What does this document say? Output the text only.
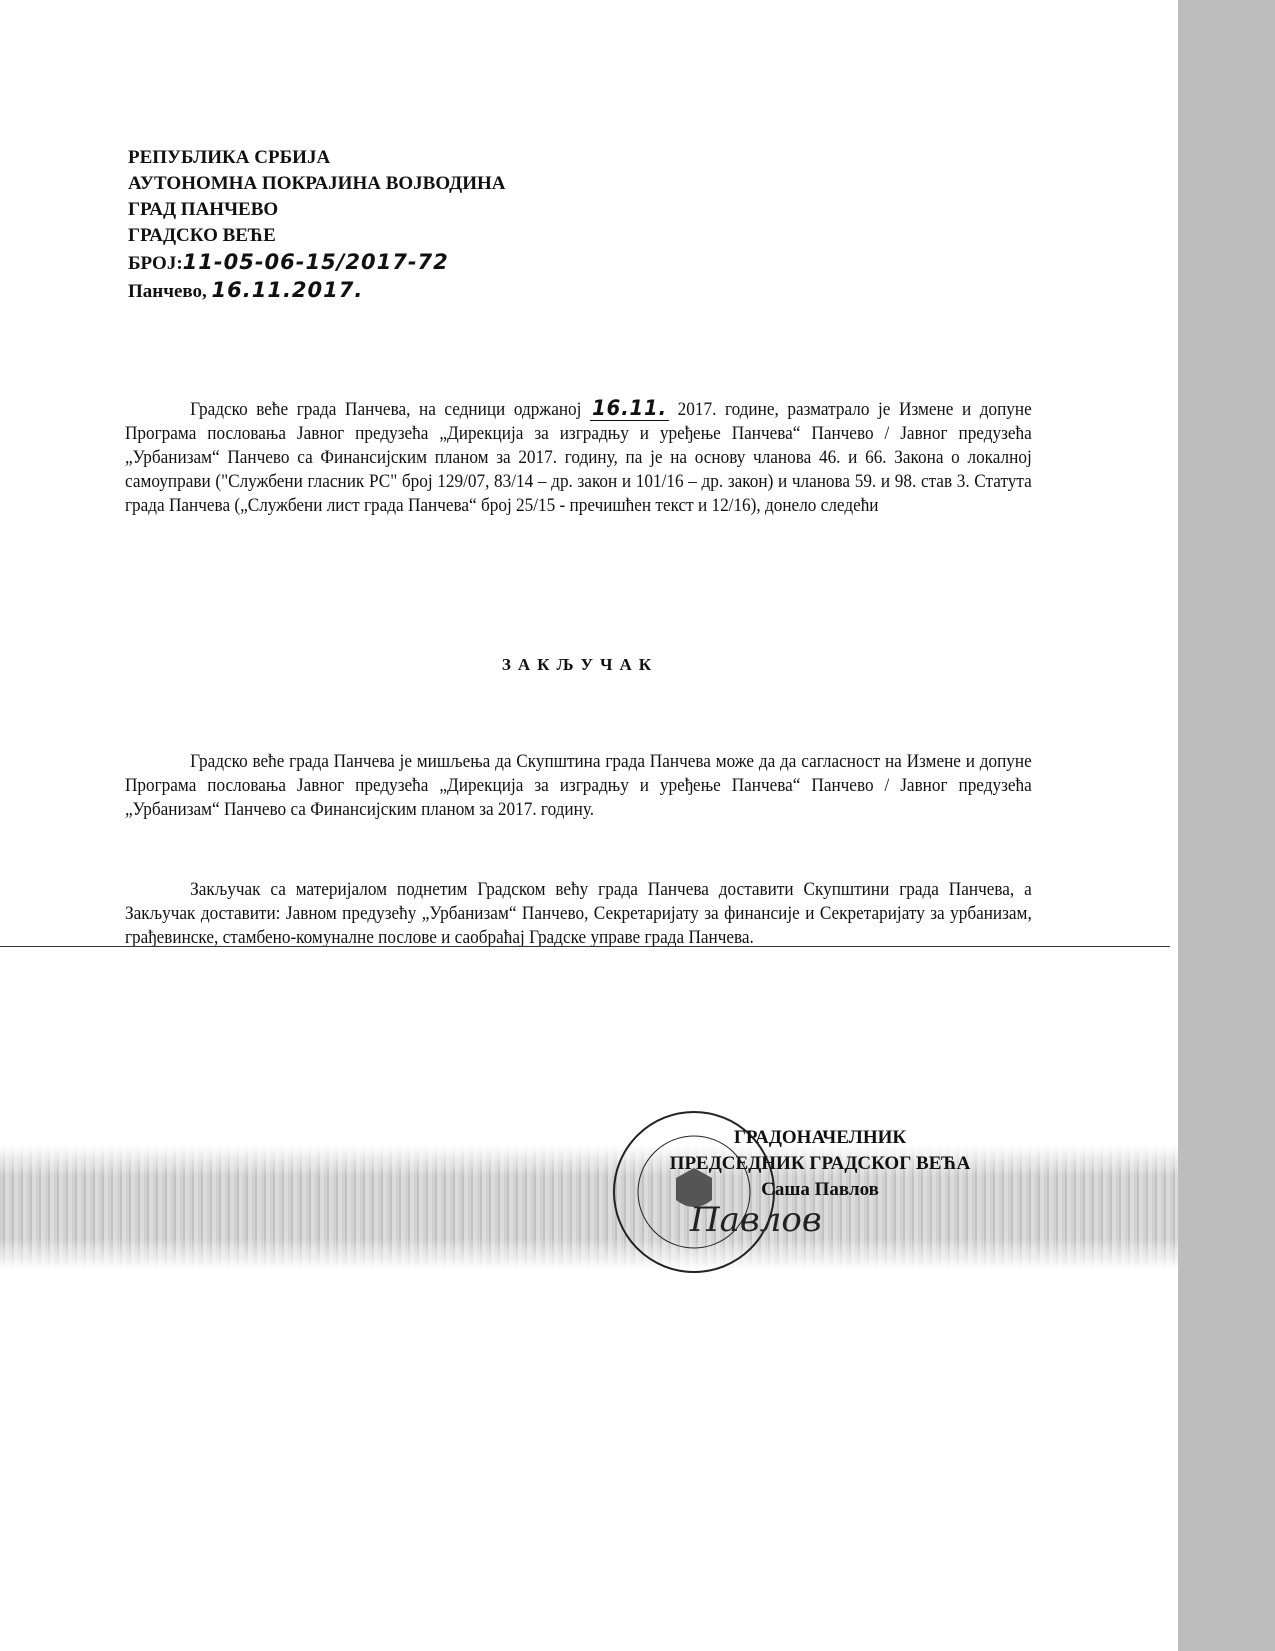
РЕПУБЛИКА СРБИЈА
АУТОНОМНА ПОКРАЈИНА ВОЈВОДИНА
ГРАД ПАНЧЕВО
ГРАДСКО ВЕЋЕ
БРОЈ:11-05-06-15/2017-72
Панчево, 16.11.2017.
Градско веће града Панчева, на седници одржаној 16.11. 2017. године, разматрало је Измене и допуне Програма пословања Јавног предузећа „Дирекција за изградњу и уређење Панчева“ Панчево / Јавног предузећа „Урбанизам“ Панчево са Финансијским планом за 2017. годину, па је на основу чланова 46. и 66. Закона о локалној самоуправи ("Службени гласник РС" број 129/07, 83/14 – др. закон и 101/16 – др. закон) и чланова 59. и 98. став 3. Статута града Панчева („Службени лист града Панчева“ број 25/15 - пречишћен текст и 12/16), донело следећи
ЗАКЉУЧАК
Градско веће града Панчева је мишљења да Скупштина града Панчева може да да сагласност на Измене и допуне Програма пословања Јавног предузећа „Дирекција за изградњу и уређење Панчева“ Панчево / Јавног предузећа „Урбанизам“ Панчево са Финансијским планом за 2017. годину.
Закључак са материјалом поднетим Градском већу града Панчева доставити Скупштини града Панчева, а Закључак доставити: Јавном предузећу „Урбанизам“ Панчево, Секретаријату за финансије и Секретаријату за урбанизам, грађевинске, стамбено-комуналне послове и саобраћај Градске управе града Панчева.
ГРАДОНАЧЕЛНИК
ПРЕДСЕДНИК ГРАДСКОГ ВЕЋА
Саша Павлов
Павлов
